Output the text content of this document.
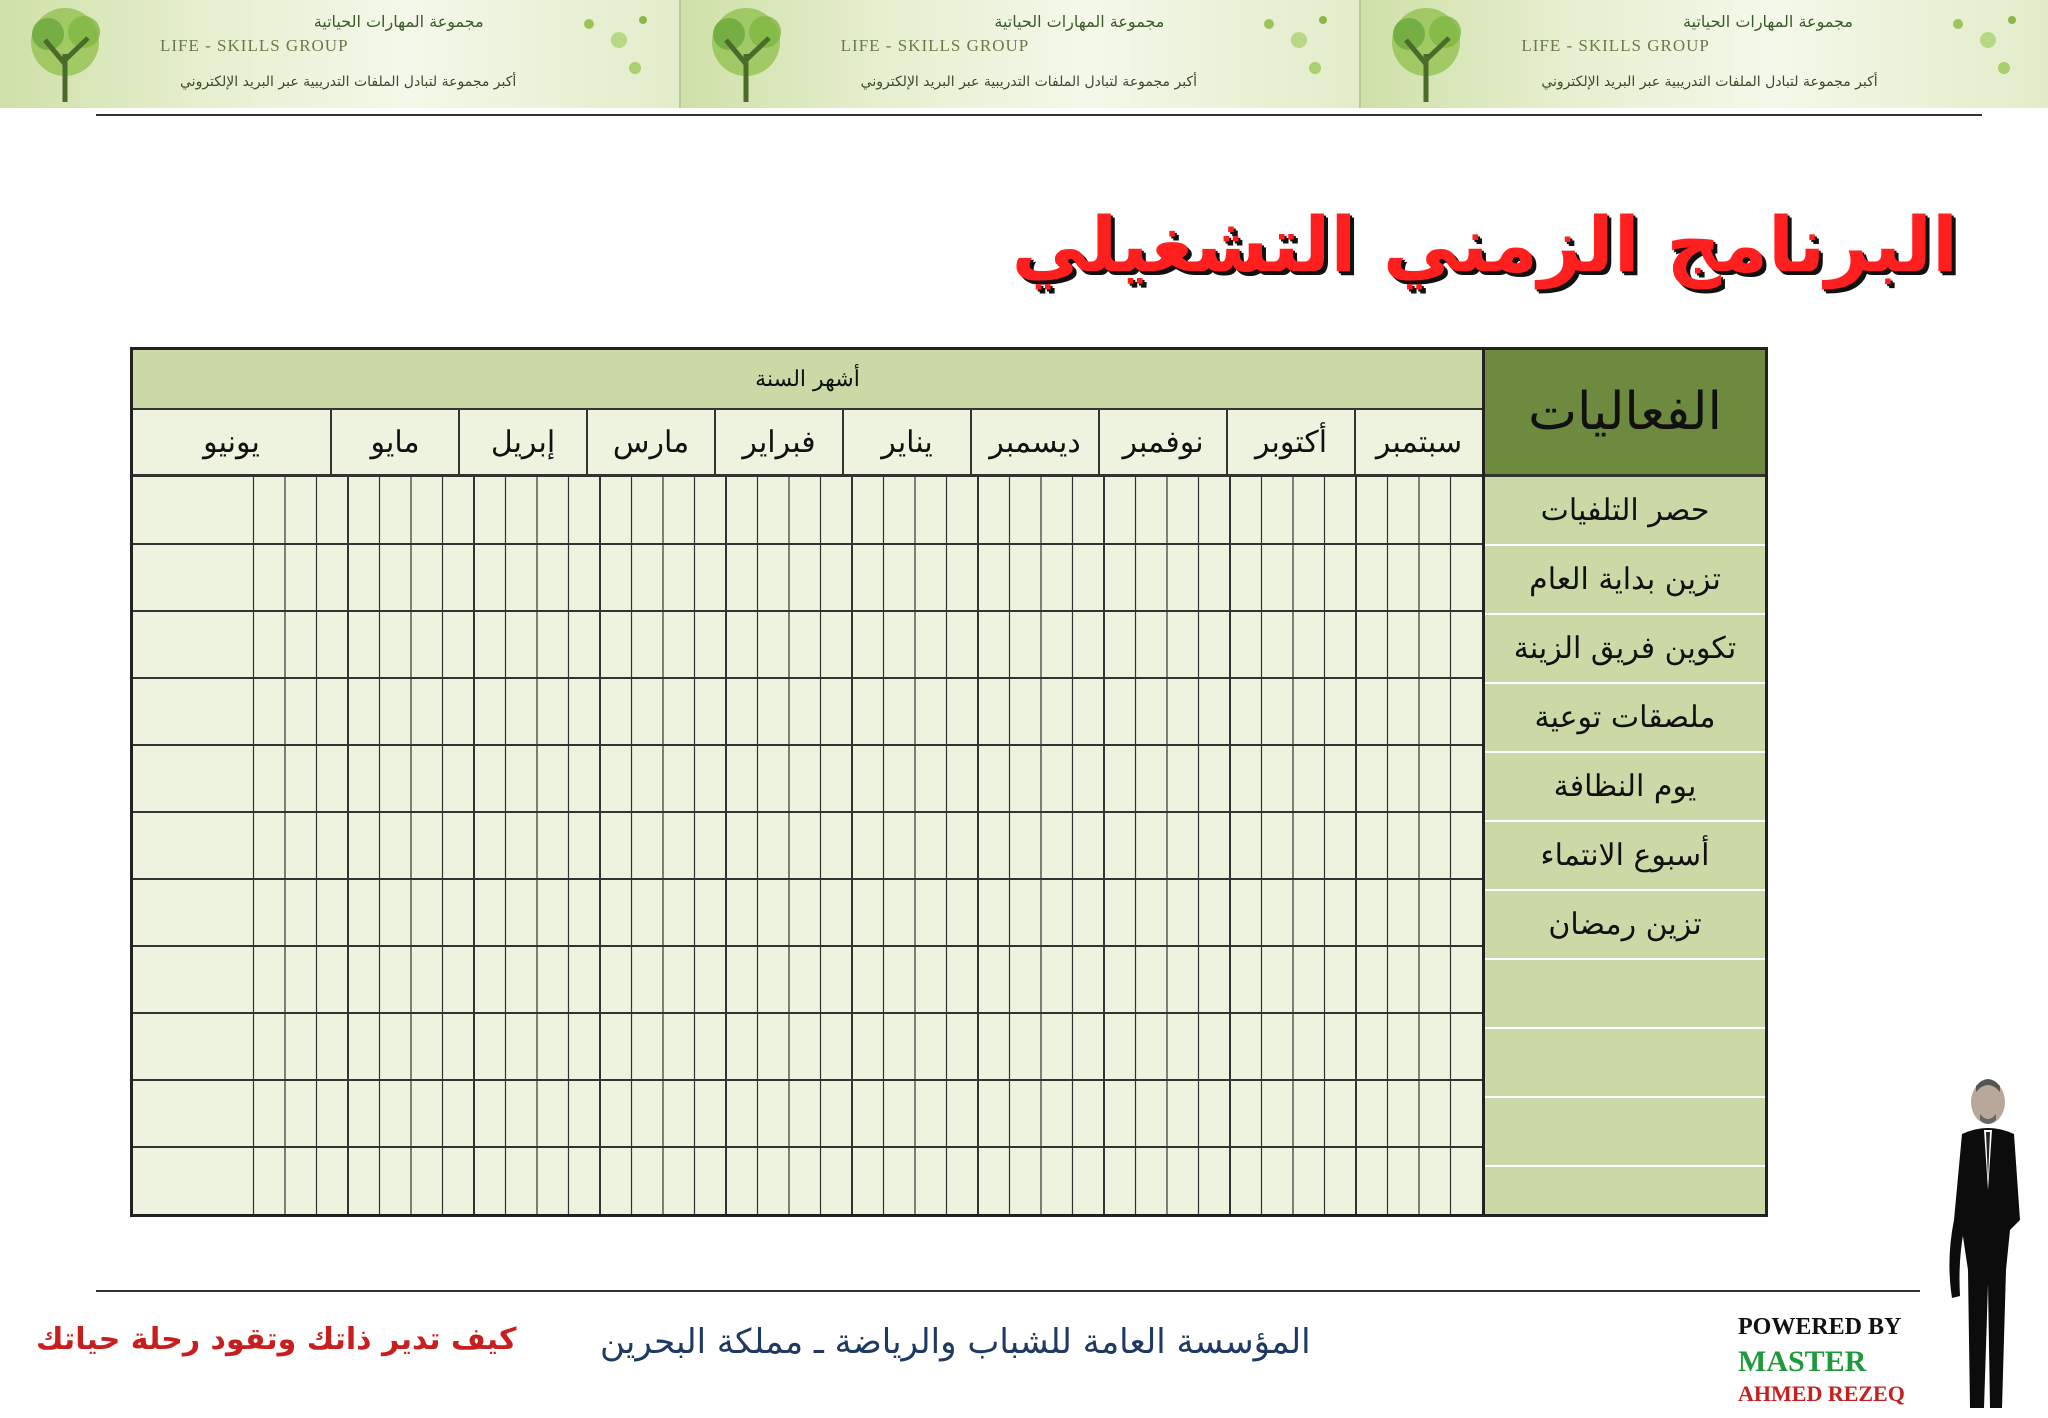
مجموعة المهارات الحياتية
LIFE - SKILLS GROUP
أكبر مجموعة لتبادل الملفات التدريبية عبر البريد الإلكتروني
مجموعة المهارات الحياتية
LIFE - SKILLS GROUP
أكبر مجموعة لتبادل الملفات التدريبية عبر البريد الإلكتروني
مجموعة المهارات الحياتية
LIFE - SKILLS GROUP
أكبر مجموعة لتبادل الملفات التدريبية عبر البريد الإلكتروني
البرنامج الزمني التشغيلي
الفعاليات
حصر التلفيات
تزين بداية العام
تكوين فريق الزينة
ملصقات توعية
يوم النظافة
أسبوع الانتماء
تزين رمضان
أشهر السنة
سبتمبر
أكتوبر
نوفمبر
ديسمبر
يناير
فبراير
مارس
إبريل
مايو
يونيو
كيف تدير ذاتك وتقود رحلة حياتك المؤسسة العامة للشباب والرياضة ـ مملكة البحرين	POWERED BY
MASTER
AHMED REZEQ
